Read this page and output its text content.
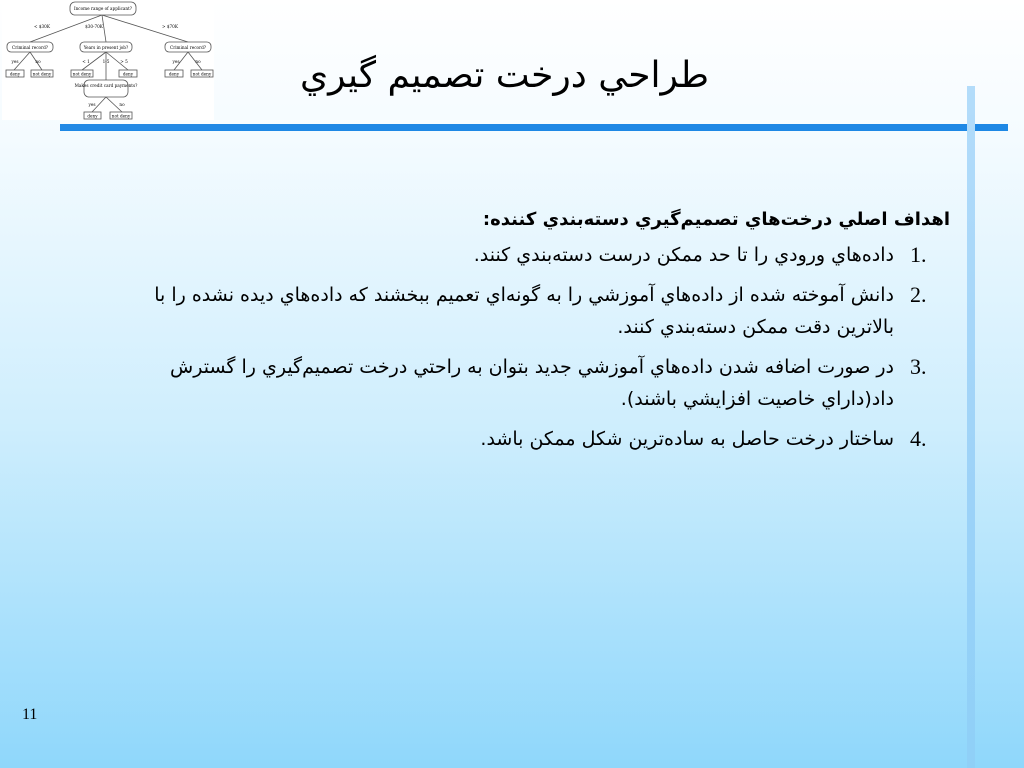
Income range of applicant?
< $30K	$30-70K	> $70K
Criminal record?	Years in present job?	Criminal record?
yes	no	< 1	1-5	> 5	yes	no
deny	not deny	not deny	deny	deny	not deny
Makes credit card payments?
yes	no
deny	not deny
طراحي درخت تصميم گيري
اهداف اصلي درخت‌هاي تصميم‌گيري دسته‌بندي كننده:
1.
داده‌هاي ورودي را تا حد ممكن درست دسته‌بندي كنند.
2.
دانش آموخته شده از داده‌هاي آموزشي را به گونه‌اي تعميم ببخشند كه داده‌هاي ديده نشده را با بالاترين دقت ممكن دسته‌بندي كنند.
3.
در صورت اضافه شدن داده‌هاي آموزشي جديد بتوان به راحتي درخت تصميم‌گيري را گسترش داد(داراي خاصيت افزايشي باشند).
4.
ساختار درخت حاصل به ساده‌ترين شكل ممكن باشد.
11
